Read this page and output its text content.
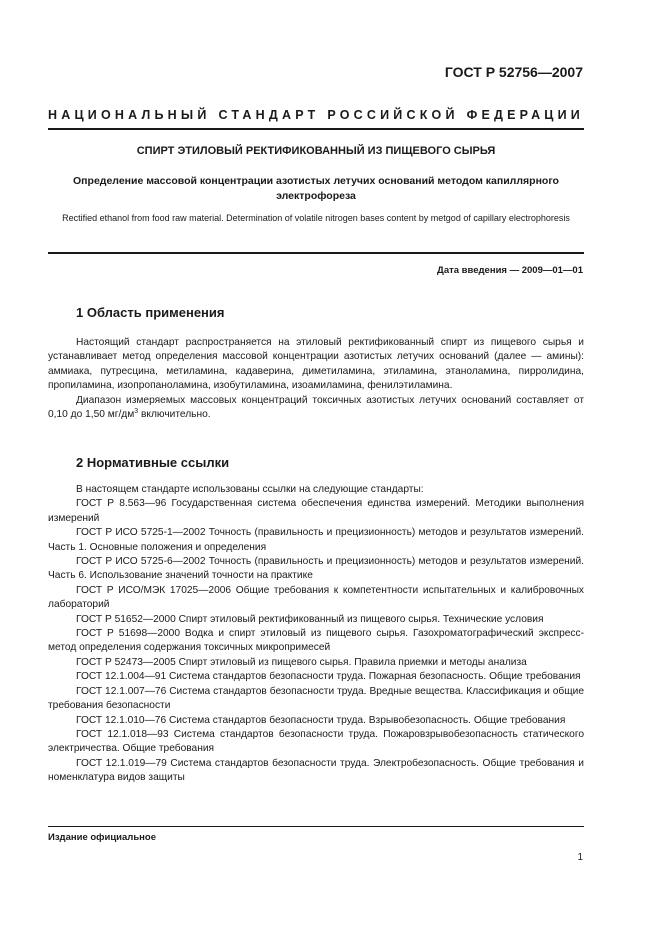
ГОСТ Р 52756—2007
НАЦИОНАЛЬНЫЙ СТАНДАРТ РОССИЙСКОЙ ФЕДЕРАЦИИ
СПИРТ ЭТИЛОВЫЙ РЕКТИФИКОВАННЫЙ ИЗ ПИЩЕВОГО СЫРЬЯ
Определение массовой концентрации азотистых летучих оснований методом капиллярного электрофореза
Rectified ethanol from food raw material. Determination of volatile nitrogen bases content by metgod of capillary electrophoresis
Дата введения — 2009—01—01
1 Область применения

Настоящий стандарт распространяется на этиловый ректификованный спирт из пищевого сырья и устанавливает метод определения массовой концентрации азотистых летучих оснований (далее — амины): аммиака, путресцина, метиламина, кадаверина, диметиламина, этиламина, этаноламина, пирролидина, пропиламина, изопропаноламина, изобутиламина, изоамиламина, фенилэтиламина.

Диапазон измеряемых массовых концентраций токсичных азотистых летучих оснований составляет от 0,10 до 1,50 $мг/дм^3$ включительно.

2 Нормативные ссылки

В настоящем стандарте использованы ссылки на следующие стандарты:

ГОСТ Р 8.563—96 Государственная система обеспечения единства измерений. Методики выполнения измерений

ГОСТ Р ИСО 5725-1—2002 Точность (правильность и прецизионность) методов и результатов измерений. Часть 1. Основные положения и определения

ГОСТ Р ИСО 5725-6—2002 Точность (правильность и прецизионность) методов и результатов измерений. Часть 6. Использование значений точности на практике

ГОСТ Р ИСО/МЭК 17025—2006 Общие требования к компетентности испытательных и калибровочных лабораторий

ГОСТ Р 51652—2000 Спирт этиловый ректификованный из пищевого сырья. Технические условия

ГОСТ Р 51698—2000 Водка и спирт этиловый из пищевого сырья. Газохроматографический экспресс-метод определения содержания токсичных микропримесей

ГОСТ Р 52473—2005 Спирт этиловый из пищевого сырья. Правила приемки и методы анализа

ГОСТ 12.1.004—91 Система стандартов безопасности труда. Пожарная безопасность. Общие требования

ГОСТ 12.1.007—76 Система стандартов безопасности труда. Вредные вещества. Классификация и общие требования безопасности

ГОСТ 12.1.010—76 Система стандартов безопасности труда. Взрывобезопасность. Общие требования

ГОСТ 12.1.018—93 Система стандартов безопасности труда. Пожаровзрывобезопасность статического электричества. Общие требования

ГОСТ 12.1.019—79 Система стандартов безопасности труда. Электробезопасность. Общие требования и номенклатура видов защиты

Издание официальное
1
